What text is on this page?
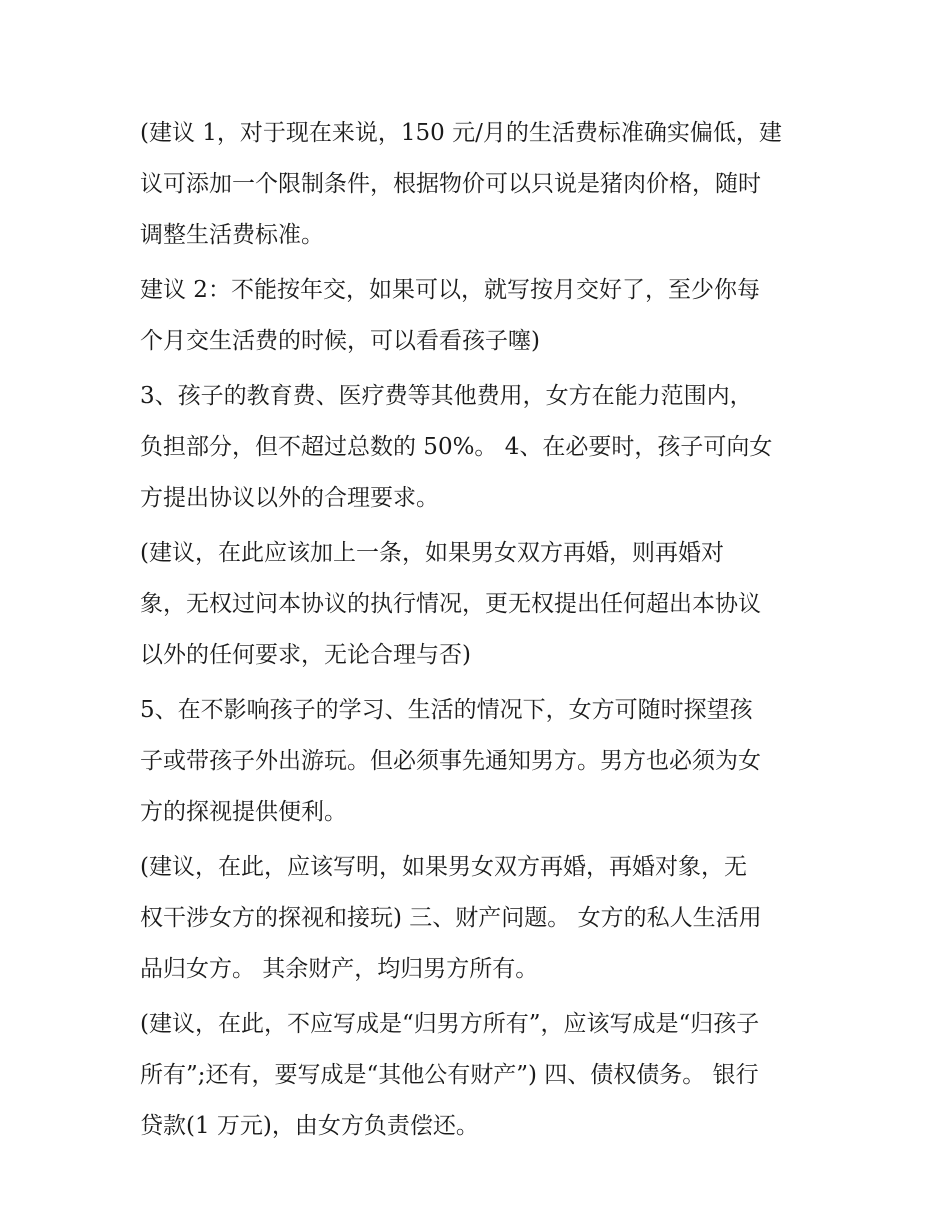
(建议 1，对于现在来说，150 元/月的生活费标准确实偏低，建
议可添加一个限制条件，根据物价可以只说是猪肉价格，随时
调整生活费标准。
建议 2：不能按年交，如果可以，就写按月交好了，至少你每
个月交生活费的时候，可以看看孩子噻)
3、孩子的教育费、医疗费等其他费用，女方在能力范围内，
负担部分，但不超过总数的 50%。 4、在必要时，孩子可向女
方提出协议以外的合理要求。
(建议，在此应该加上一条，如果男女双方再婚，则再婚对
象，无权过问本协议的执行情况，更无权提出任何超出本协议
以外的任何要求，无论合理与否)
5、在不影响孩子的学习、生活的情况下，女方可随时探望孩
子或带孩子外出游玩。但必须事先通知男方。男方也必须为女
方的探视提供便利。
(建议，在此，应该写明，如果男女双方再婚，再婚对象，无
权干涉女方的探视和接玩) 三、财产问题。 女方的私人生活用
品归女方。 其余财产，均归男方所有。
(建议，在此，不应写成是“归男方所有”，应该写成是“归孩子
所有”;还有，要写成是“其他公有财产”) 四、债权债务。 银行
贷款(1 万元)，由女方负责偿还。
